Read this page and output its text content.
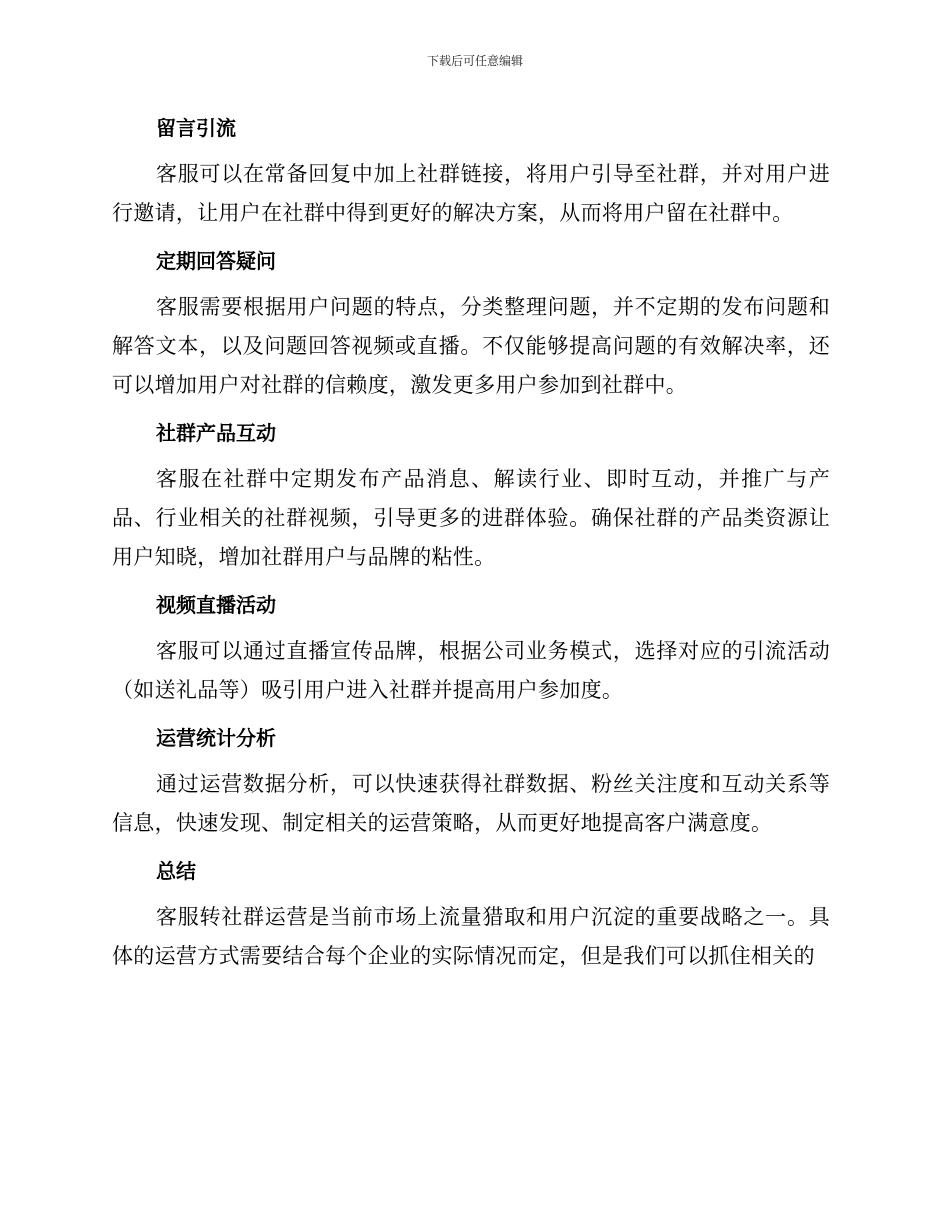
下载后可任意编辑
留言引流

客服可以在常备回复中加上社群链接，将用户引导至社群，并对用户进行邀请，让用户在社群中得到更好的解决方案，从而将用户留在社群中。

定期回答疑问

客服需要根据用户问题的特点，分类整理问题，并不定期的发布问题和解答文本，以及问题回答视频或直播。不仅能够提高问题的有效解决率，还可以增加用户对社群的信赖度，激发更多用户参加到社群中。

社群产品互动

客服在社群中定期发布产品消息、解读行业、即时互动，并推广与产品、行业相关的社群视频，引导更多的进群体验。确保社群的产品类资源让用户知晓，增加社群用户与品牌的粘性。

视频直播活动

客服可以通过直播宣传品牌，根据公司业务模式，选择对应的引流活动（如送礼品等）吸引用户进入社群并提高用户参加度。

运营统计分析

通过运营数据分析，可以快速获得社群数据、粉丝关注度和互动关系等信息，快速发现、制定相关的运营策略，从而更好地提高客户满意度。

总结

客服转社群运营是当前市场上流量猎取和用户沉淀的重要战略之一。具体的运营方式需要结合每个企业的实际情况而定，但是我们可以抓住相关的
